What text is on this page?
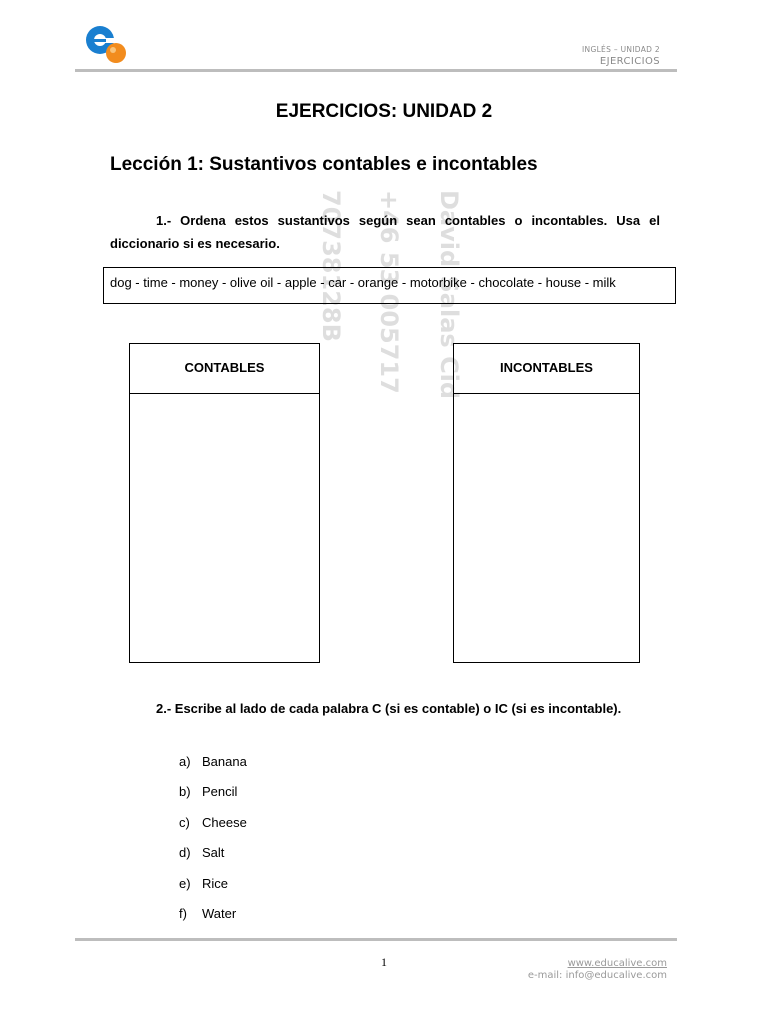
INGLÉS – UNIDAD 2
EJERCICIOS
70738128B +46 53 005717 David Salas Cid
EJERCICIOS: UNIDAD 2
Lección 1: Sustantivos contables e incontables
1.- Ordena estos sustantivos según sean contables o incontables. Usa el diccionario si es necesario.
dog - time - money - olive oil - apple - car - orange - motorbike - chocolate - house - milk
CONTABLES	INCONTABLES
2.- Escribe al lado de cada palabra C (si es contable) o IC (si es incontable).
a) Banana
b) Pencil
c) Cheese
d) Salt
e) Rice
f)	Water
1	www.educalive.com
e-mail: info@educalive.com
